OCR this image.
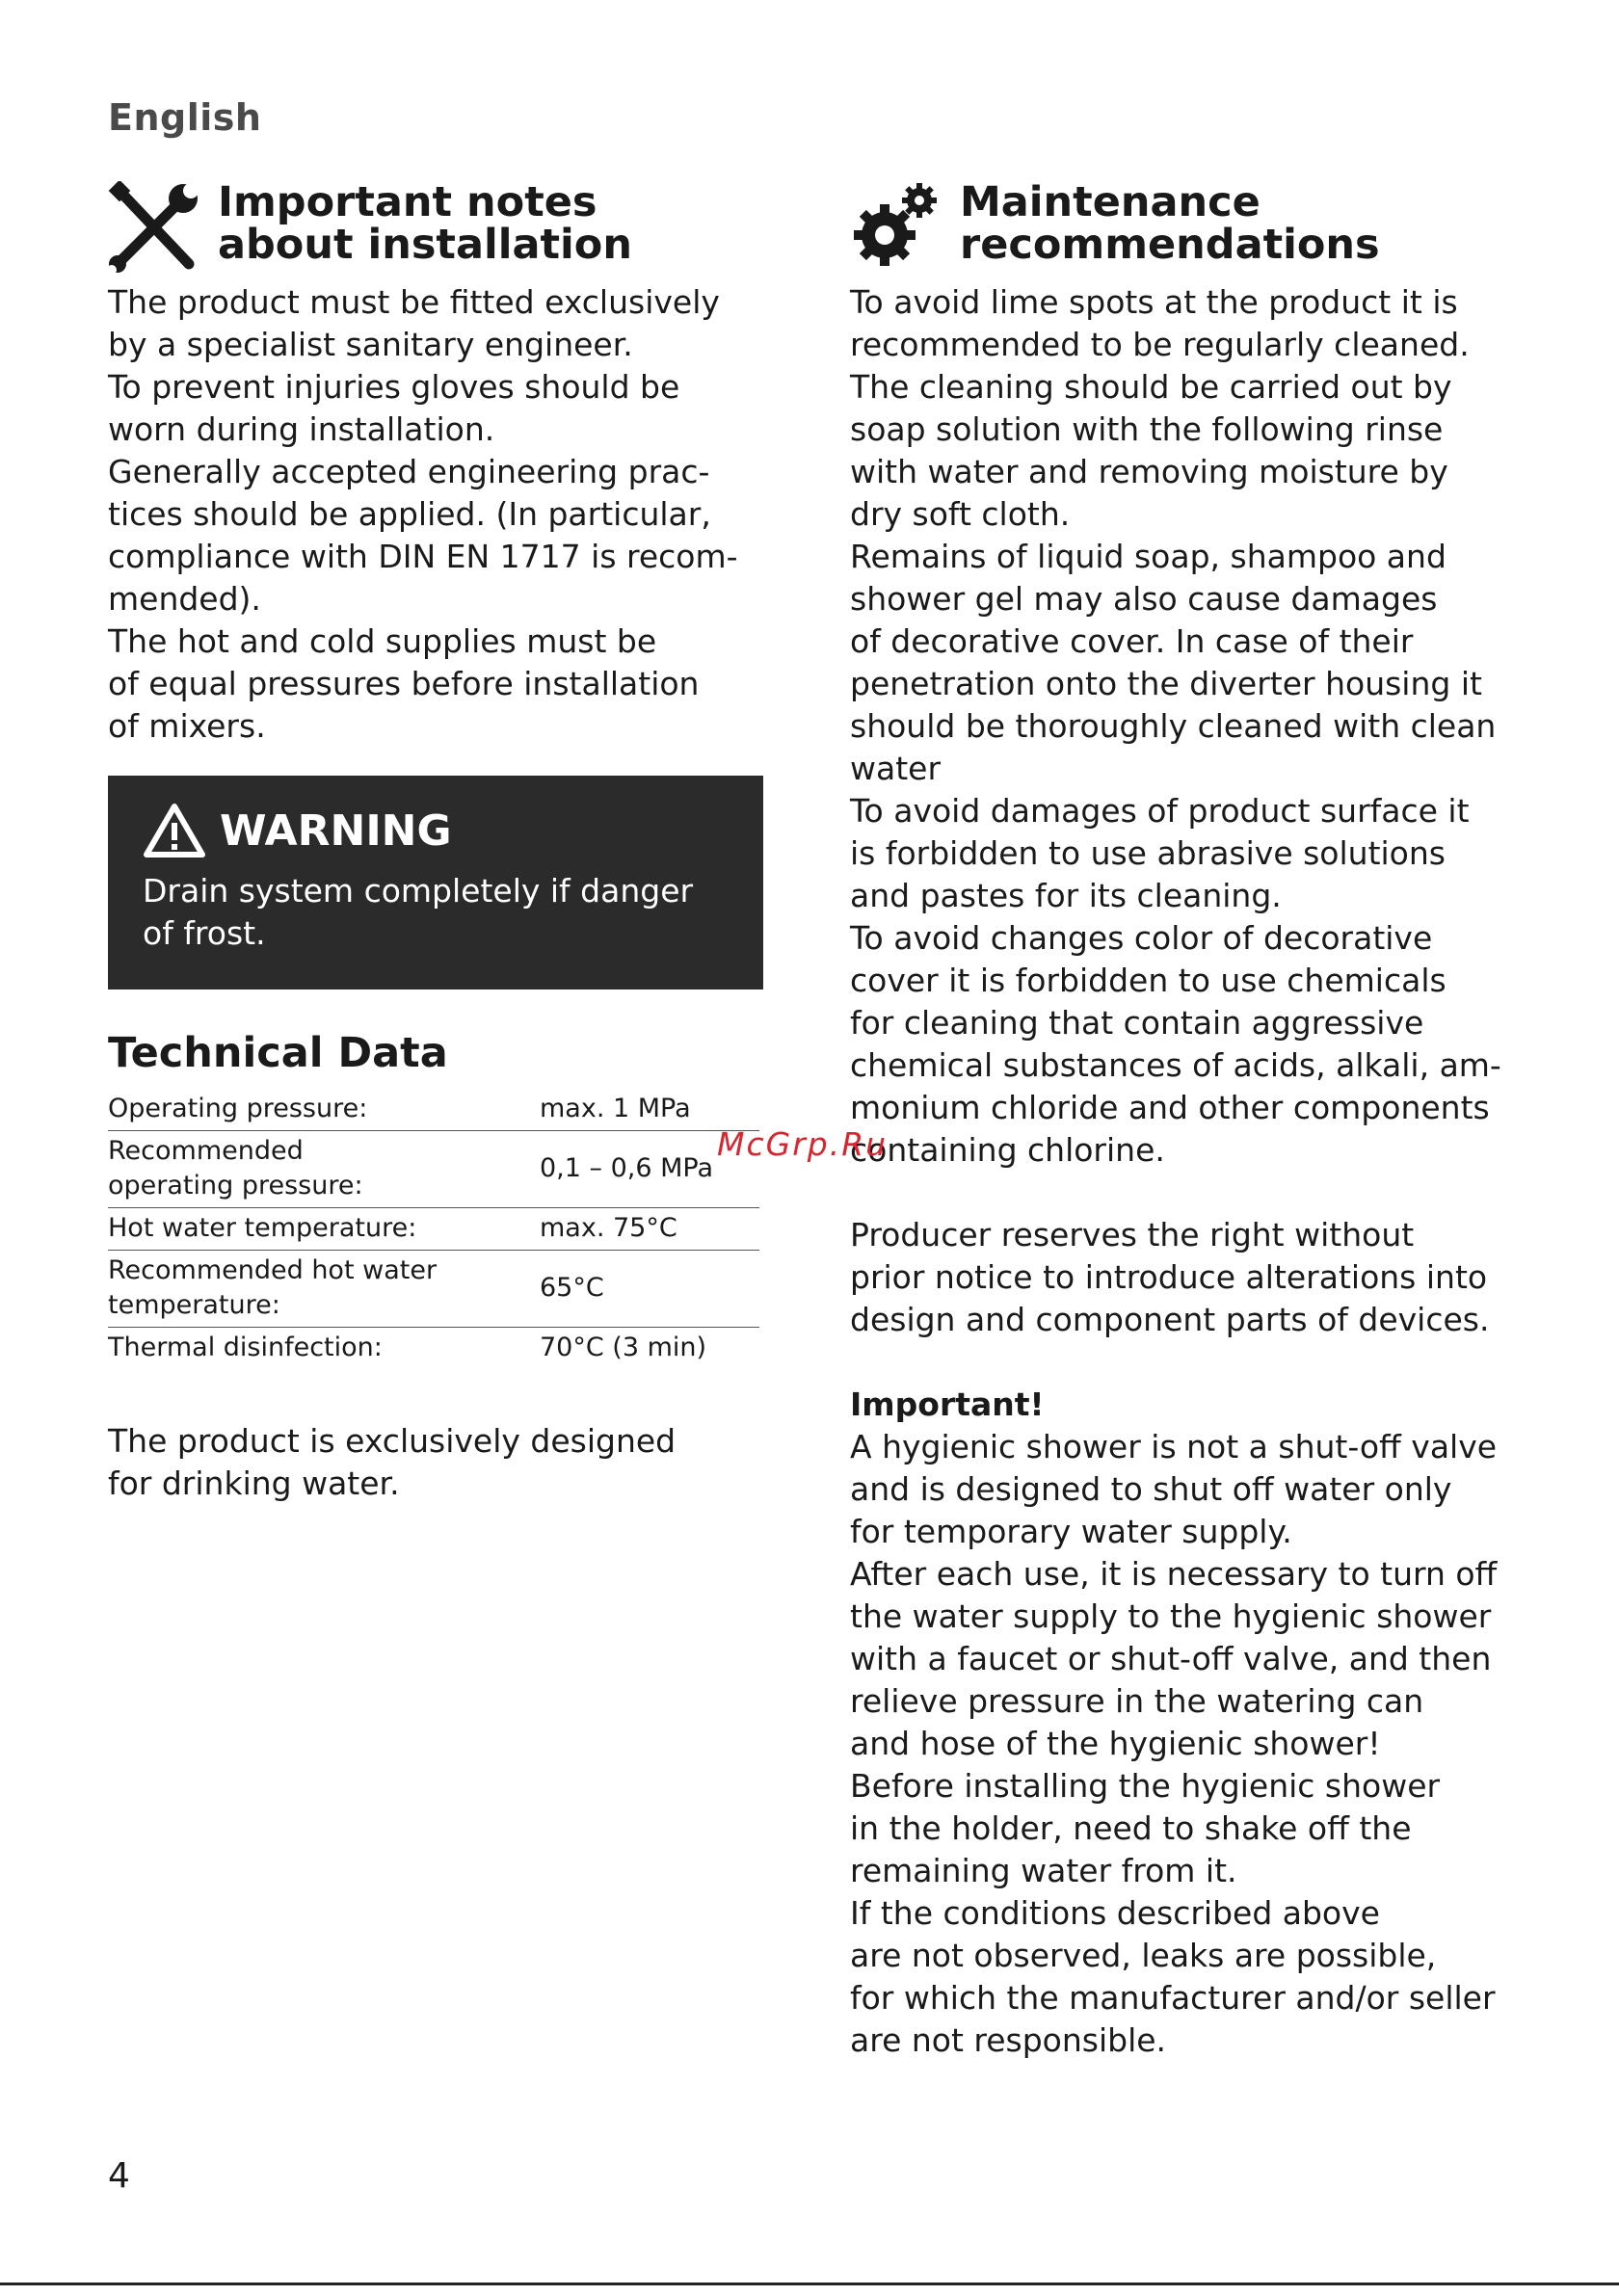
English
Important notes
about installation

The product must be fitted exclusively

by a specialist sanitary engineer.

To prevent injuries gloves should be

worn during installation.

Generally accepted engineering prac-

tices should be applied. (In particular,

compliance with DIN EN 1717 is recom-

mended).

The hot and cold supplies must be

of equal pressures before installation

of mixers.

WARNING
Drain system completely if danger
of frost.
Technical Data
Operating pressure:	max. 1 MPa

Recommended
operating pressure:	0,1 – 0,6 MPa

Hot water temperature:	max. 75°C

Recommended hot water
temperature:	65°C

Thermal disinfection:	70°C (3 min)
The product is exclusively designed
for drinking water.
Maintenance
recommendations

To avoid lime spots at the product it is

recommended to be regularly cleaned.

The cleaning should be carried out by

soap solution with the following rinse

with water and removing moisture by

dry soft cloth.

Remains of liquid soap, shampoo and

shower gel may also cause damages

of decorative cover. In case of their

penetration onto the diverter housing it

should be thoroughly cleaned with clean

water

To avoid damages of product surface it

is forbidden to use abrasive solutions

and pastes for its cleaning.

To avoid changes color of decorative

cover it is forbidden to use chemicals

for cleaning that contain aggressive

chemical substances of acids, alkali, am-

monium chloride and other components

containing chlorine.

Producer reserves the right without

prior notice to introduce alterations into

design and component parts of devices.

Important!

A hygienic shower is not a shut-off valve

and is designed to shut off water only

for temporary water supply.

After each use, it is necessary to turn off

the water supply to the hygienic shower

with a faucet or shut-off valve, and then

relieve pressure in the watering can

and hose of the hygienic shower!

Before installing the hygienic shower

in the holder, need to shake off the

remaining water from it.

If the conditions described above

are not observed, leaks are possible,

for which the manufacturer and/or seller

are not responsible.

McGrp.Ru
4
